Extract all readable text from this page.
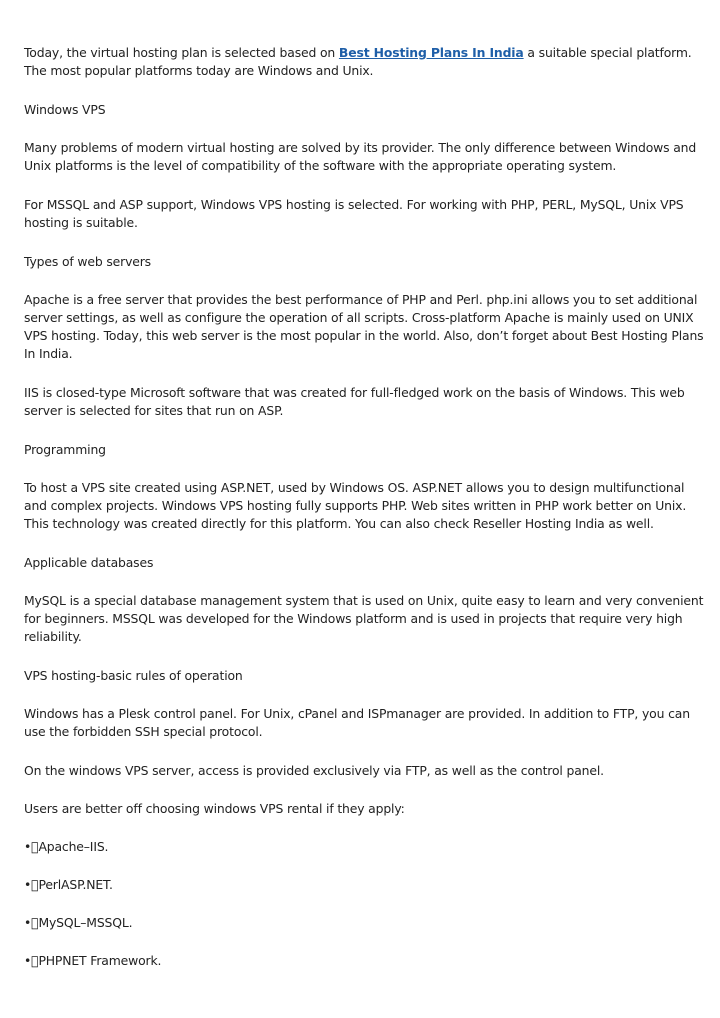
Today, the virtual hosting plan is selected based on Best Hosting Plans In India a suitable special platform. The most popular platforms today are Windows and Unix.

Windows VPS

Many problems of modern virtual hosting are solved by its provider. The only difference between Windows and Unix platforms is the level of compatibility of the software with the appropriate operating system.

For MSSQL and ASP support, Windows VPS hosting is selected. For working with PHP, PERL, MySQL, Unix VPS hosting is suitable.

Types of web servers

Apache is a free server that provides the best performance of PHP and Perl. php.ini allows you to set additional server settings, as well as configure the operation of all scripts. Cross-platform Apache is mainly used on UNIX VPS hosting. Today, this web server is the most popular in the world. Also, don’t forget about Best Hosting Plans In India.

IIS is closed-type Microsoft software that was created for full-fledged work on the basis of Windows. This web server is selected for sites that run on ASP.

Programming

To host a VPS site created using ASP.NET, used by Windows OS. ASP.NET allows you to design multifunctional and complex projects. Windows VPS hosting fully supports PHP. Web sites written in PHP work better on Unix. This technology was created directly for this platform. You can also check Reseller Hosting India as well.

Applicable databases

MySQL is a special database management system that is used on Unix, quite easy to learn and very convenient for beginners. MSSQL was developed for the Windows platform and is used in projects that require very high reliability.

VPS hosting-basic rules of operation

Windows has a Plesk control panel. For Unix, cPanel and ISPmanager are provided. In addition to FTP, you can use the forbidden SSH special protocol.

On the windows VPS server, access is provided exclusively via FTP, as well as the control panel.

Users are better off choosing windows VPS rental if they apply:

• Apache–IIS.

• PerlASP.NET.

• MySQL–MSSQL.

• PHPNET Framework.
